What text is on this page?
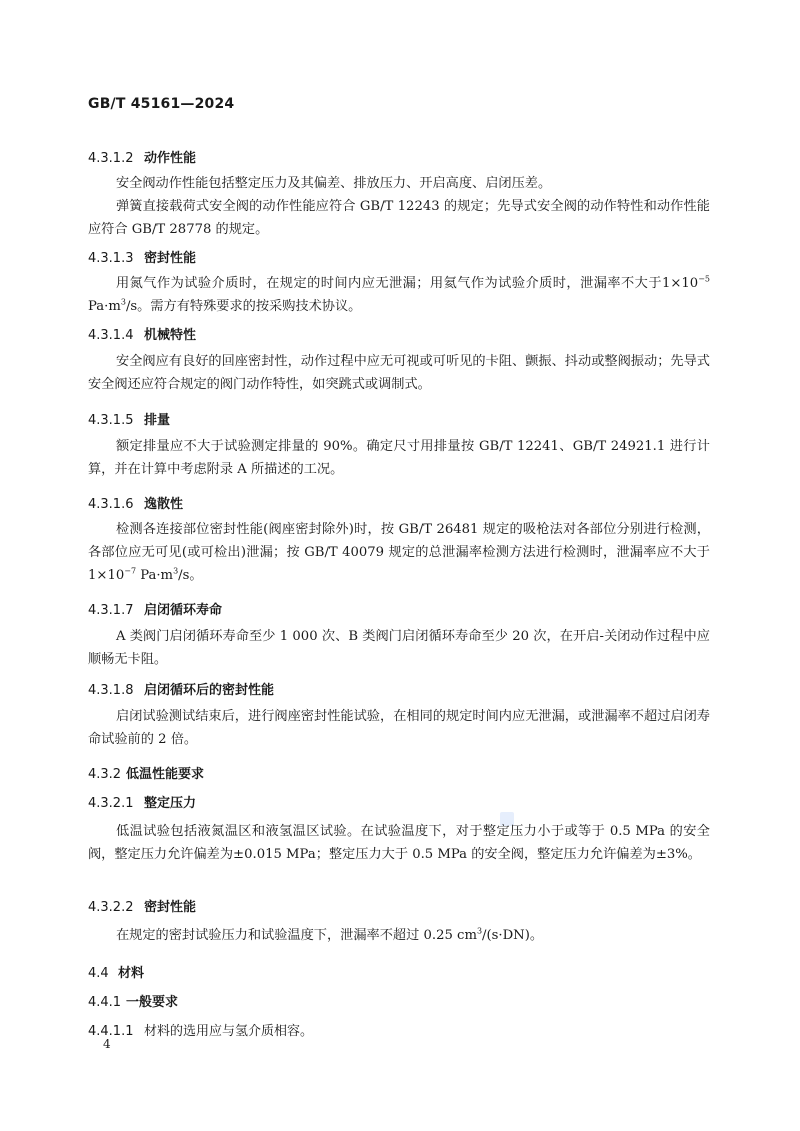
GB/T 45161—2024
4.3.1.2 动作性能

安全阀动作性能包括整定压力及其偏差、排放压力、开启高度、启闭压差。

弹簧直接载荷式安全阀的动作性能应符合 GB/T 12243 的规定；先导式安全阀的动作特性和动作性能应符合 GB/T 28778 的规定。

4.3.1.3 密封性能

用氮气作为试验介质时，在规定的时间内应无泄漏；用氦气作为试验介质时，泄漏率不大于$1\times 10^{-5}$ $Pa\cdot m^3/s$。需方有特殊要求的按采购技术协议。

4.3.1.4 机械特性

安全阀应有良好的回座密封性，动作过程中应无可视或可听见的卡阻、颤振、抖动或整阀振动；先导式安全阀还应符合规定的阀门动作特性，如突跳式或调制式。

4.3.1.5 排量

额定排量应不大于试验测定排量的 90%。确定尺寸用排量按 GB/T 12241、GB/T 24921.1 进行计算，并在计算中考虑附录 A 所描述的工况。

4.3.1.6 逸散性

检测各连接部位密封性能(阀座密封除外)时，按 GB/T 26481 规定的吸枪法对各部位分别进行检测，各部位应无可见(或可检出)泄漏；按 GB/T 40079 规定的总泄漏率检测方法进行检测时，泄漏率应不大于 $1\times 10^{-7}$ $Pa\cdot m^3/s$。

4.3.1.7 启闭循环寿命

A 类阀门启闭循环寿命至少 1 000 次、B 类阀门启闭循环寿命至少 20 次，在开启-关闭动作过程中应顺畅无卡阻。

4.3.1.8 启闭循环后的密封性能

启闭试验测试结束后，进行阀座密封性能试验，在相同的规定时间内应无泄漏，或泄漏率不超过启闭寿命试验前的 2 倍。

4.3.2 低温性能要求
4.3.2.1 整定压力

低温试验包括液氮温区和液氢温区试验。在试验温度下，对于整定压力小于或等于 0.5 MPa 的安全阀，整定压力允许偏差为±0.015 MPa；整定压力大于 0.5 MPa 的安全阀，整定压力允许偏差为±3%。

4.3.2.2 密封性能

在规定的密封试验压力和试验温度下，泄漏率不超过 0.25 $cm^3/(s\cdot DN)$。

4.4 材料
4.4.1 一般要求
4.4.1.1 材料的选用应与氢介质相容。
4
